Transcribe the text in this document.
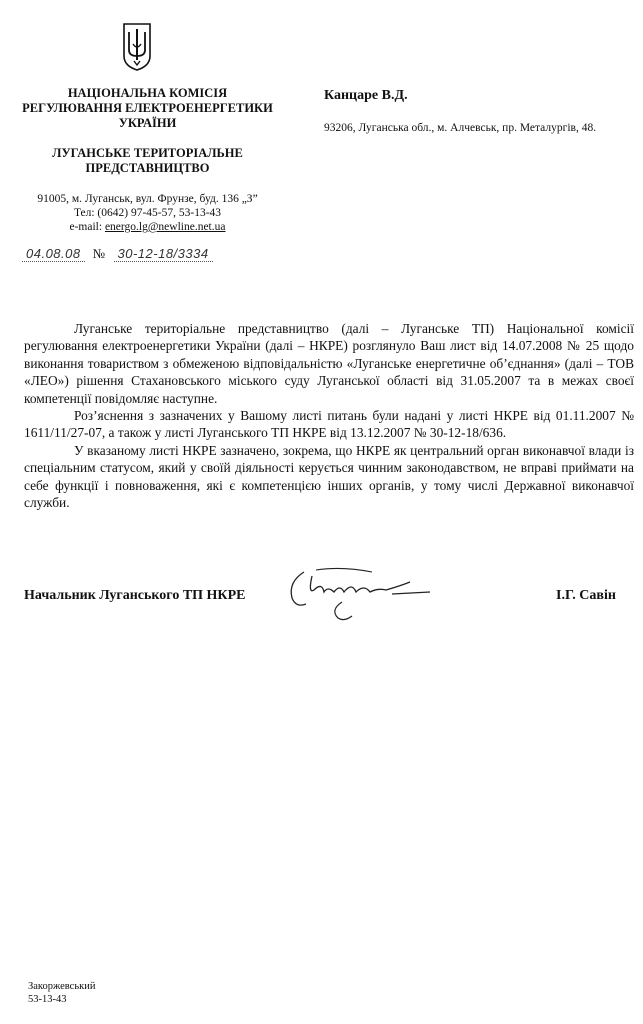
НАЦІОНАЛЬНА КОМІСІЯ
РЕГУЛЮВАННЯ ЕЛЕКТРОЕНЕРГЕТИКИ
УКРАЇНИ
ЛУГАНСЬКЕ ТЕРИТОРІАЛЬНЕ
ПРЕДСТАВНИЦТВО
91005, м. Луганськ, вул. Фрунзе, буд. 136 „З”
Тел: (0642) 97-45-57, 53-13-43
e-mail: energo.lg@newline.net.ua
04.08.08 № 30-12-18/3334
Канцаре В.Д.
93206, Луганська обл., м. Алчевськ, пр. Металургів, 48.

Луганське територіальне представництво (далі – Луганське ТП) Національної комісії регулювання електроенергетики України (далі – НКРЕ) розглянуло Ваш лист від 14.07.2008 № 25 щодо виконання товариством з обмеженою відповідальністю «Луганське енергетичне об’єднання» (далі – ТОВ «ЛЕО») рішення Стахановського міського суду Луганської області від 31.05.2007 та в межах своєї компетенції повідомляє наступне.

Роз’яснення з зазначених у Вашому листі питань були надані у листі НКРЕ від 01.11.2007 № 1611/11/27-07, а також у листі Луганського ТП НКРЕ від 13.12.2007 № 30-12-18/636.

У вказаному листі НКРЕ зазначено, зокрема, що НКРЕ як центральний орган виконавчої влади із спеціальним статусом, який у своїй діяльності керується чинним законодавством, не вправі приймати на себе функції і повноваження, які є компетенцією інших органів, у тому числі Державної виконавчої служби.

Начальник Луганського ТП НКРЕ	І.Г. Савін
Закоржевський
53-13-43
